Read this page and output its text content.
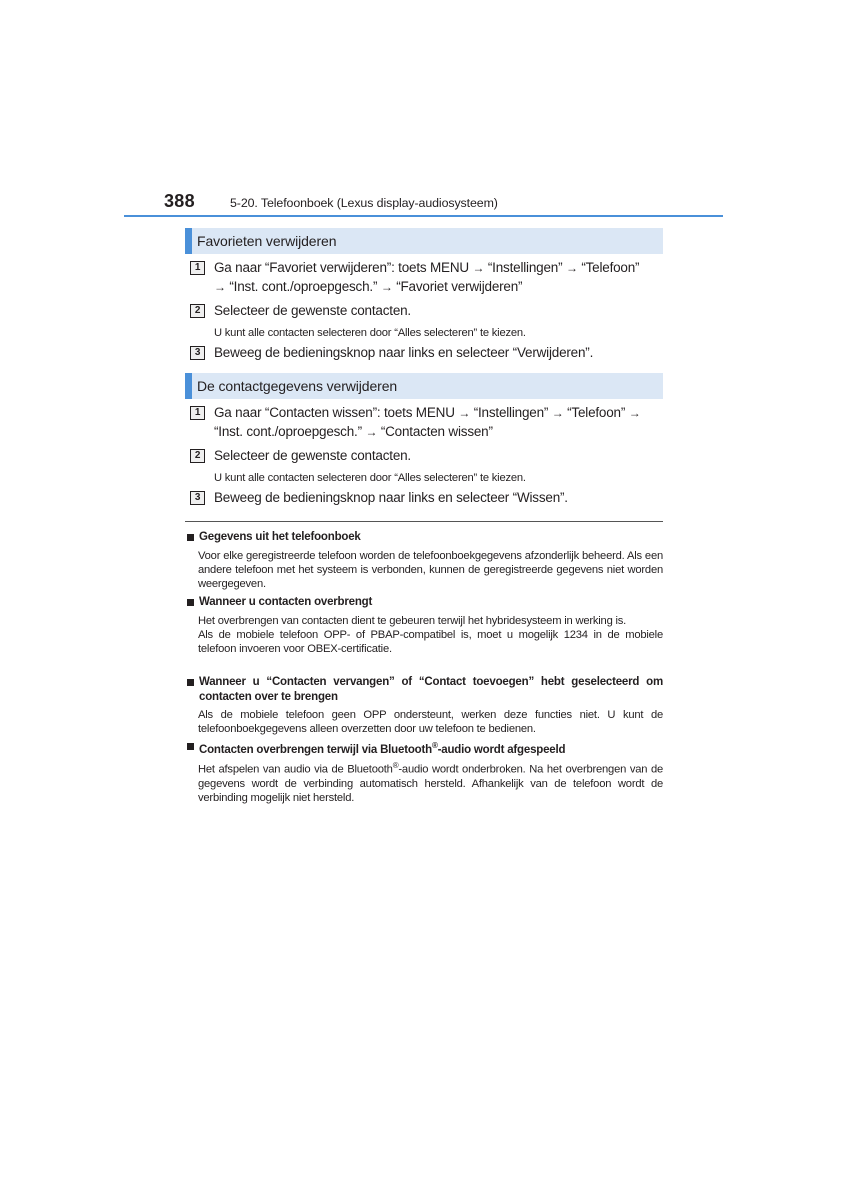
388	5-20. Telefoonboek (Lexus display-audiosysteem)
Favorieten verwijderen
1	Ga naar “Favoriet verwijderen”: toets MENU → “Instellingen” → “Telefoon”
→ “Inst. cont./oproepgesch.” → “Favoriet verwijderen”
2	Selecteer de gewenste contacten.
U kunt alle contacten selecteren door “Alles selecteren” te kiezen.
3	Beweeg de bedieningsknop naar links en selecteer “Verwijderen”.
De contactgegevens verwijderen
1	Ga naar “Contacten wissen”: toets MENU → “Instellingen” → “Telefoon” →
“Inst. cont./oproepgesch.” → “Contacten wissen”
2	Selecteer de gewenste contacten.
U kunt alle contacten selecteren door “Alles selecteren” te kiezen.
3	Beweeg de bedieningsknop naar links en selecteer “Wissen”.
Gegevens uit het telefoonboek

Voor elke geregistreerde telefoon worden de telefoonboekgegevens afzonderlijk beheerd. Als een andere telefoon met het systeem is verbonden, kunnen de geregistreerde gegevens niet worden weergegeven.

Wanneer u contacten overbrengt

Het overbrengen van contacten dient te gebeuren terwijl het hybridesysteem in werking is.

Als de mobiele telefoon OPP- of PBAP-compatibel is, moet u mogelijk 1234 in de mobiele telefoon invoeren voor OBEX-certificatie.

Wanneer u “Contacten vervangen” of “Contact toevoegen” hebt geselecteerd om contacten over te brengen

Als de mobiele telefoon geen OPP ondersteunt, werken deze functies niet. U kunt de telefoonboekgegevens alleen overzetten door uw telefoon te bedienen.

Contacten overbrengen terwijl via Bluetooth®-audio wordt afgespeeld

Het afspelen van audio via de Bluetooth®-audio wordt onderbroken. Na het overbrengen van de gegevens wordt de verbinding automatisch hersteld. Afhankelijk van de telefoon wordt de verbinding mogelijk niet hersteld.
